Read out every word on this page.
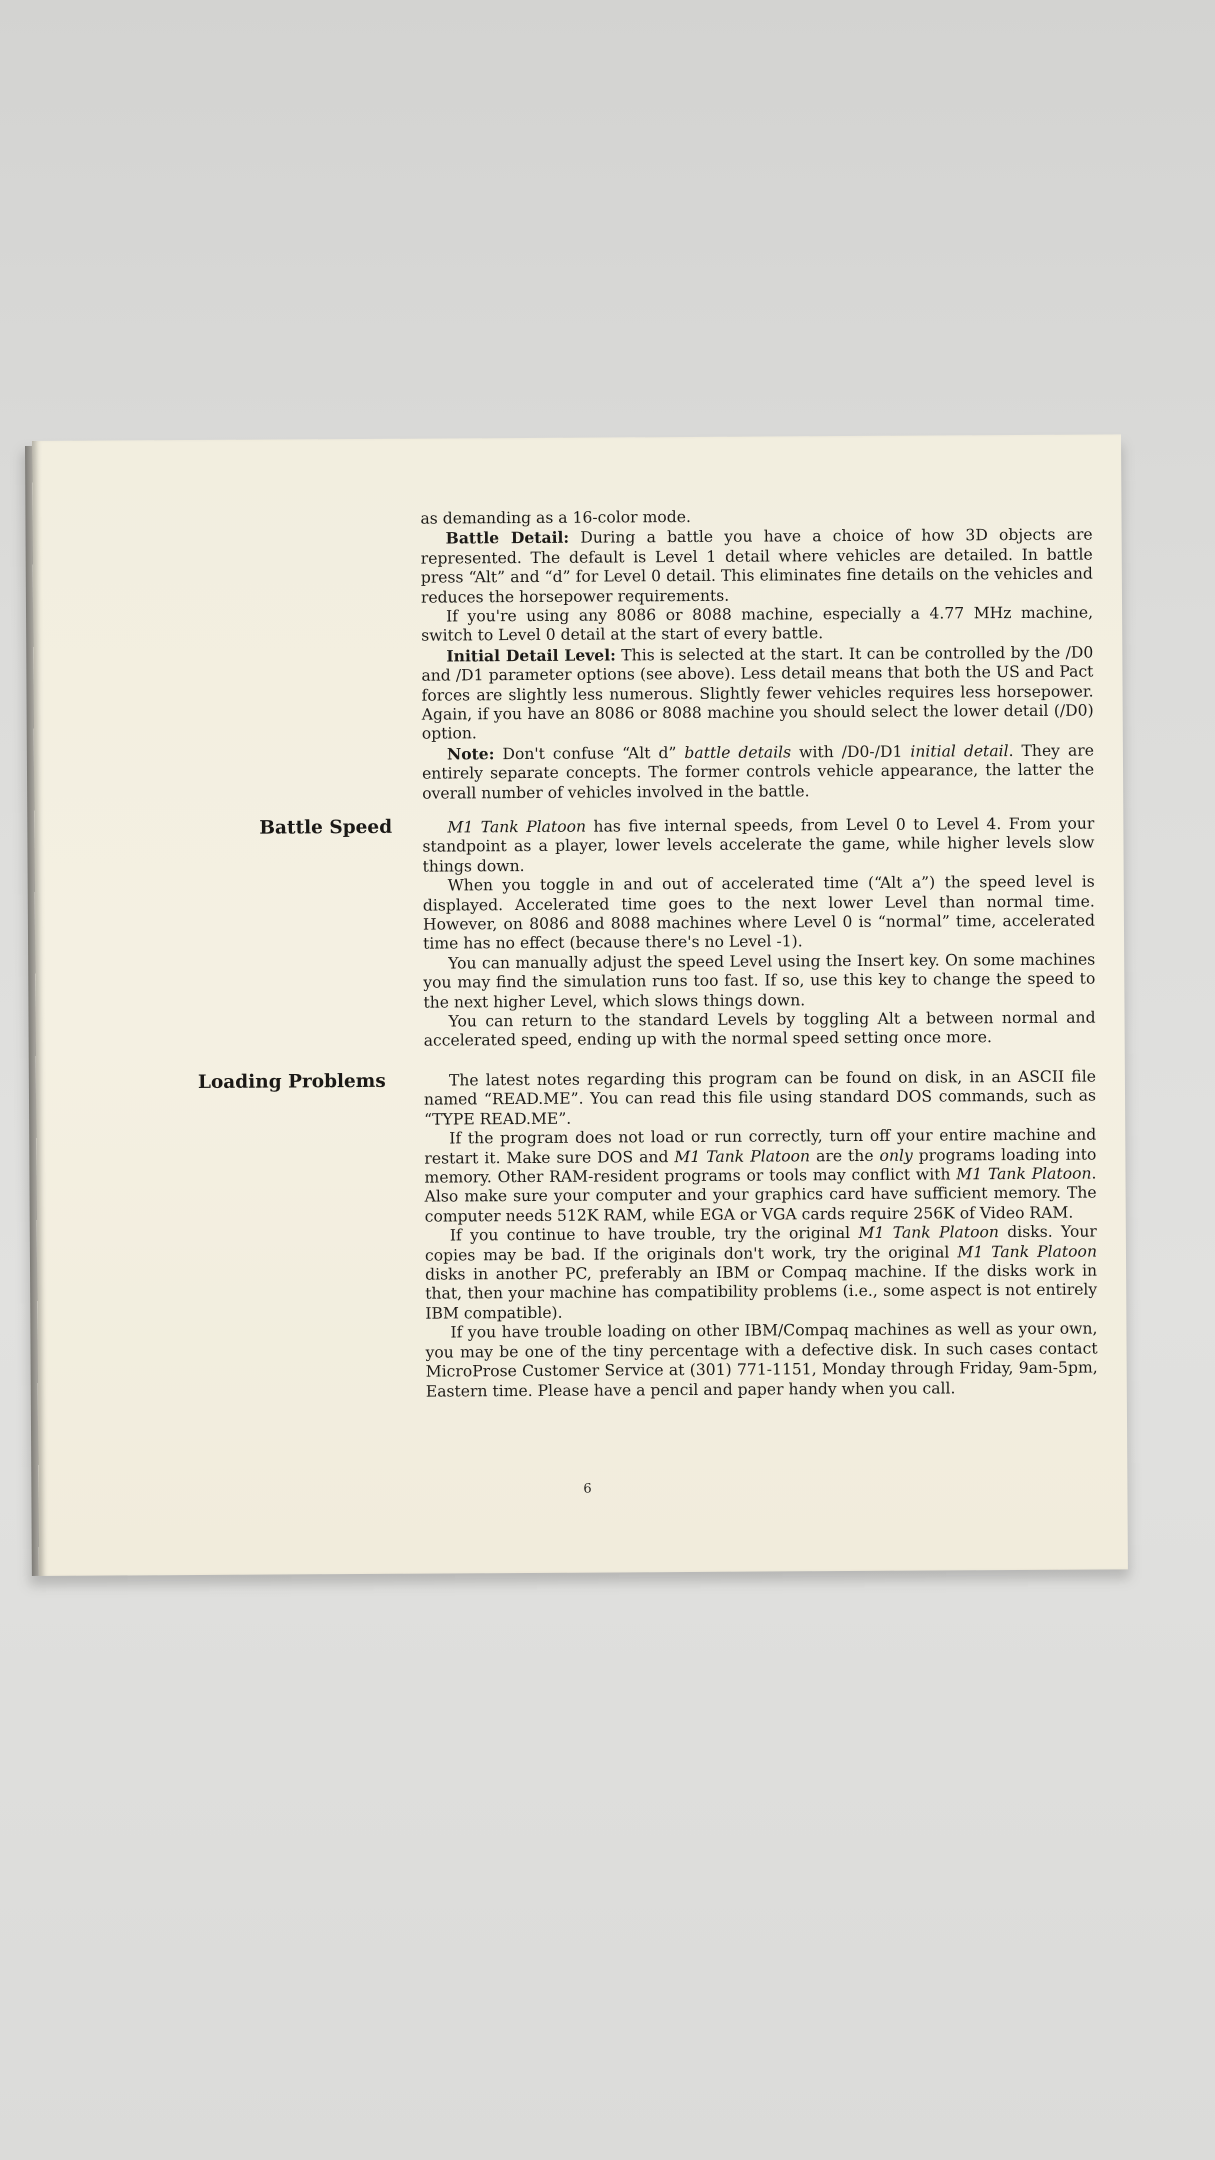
as demanding as a 16-color mode.

Battle Detail: During a battle you have a choice of how 3D objects are represented. The default is Level 1 detail where vehicles are detailed. In battle press “Alt” and “d” for Level 0 detail. This eliminates fine details on the vehicles and reduces the horsepower requirements.

If you're using any 8086 or 8088 machine, especially a 4.77 MHz machine, switch to Level 0 detail at the start of every battle.

Initial Detail Level: This is selected at the start. It can be controlled by the /D0 and /D1 parameter options (see above). Less detail means that both the US and Pact forces are slightly less numerous. Slightly fewer vehicles requires less horsepower. Again, if you have an 8086 or 8088 machine you should select the lower detail (/D0) option.

Note: Don't confuse “Alt d” battle details with /D0-/D1 initial detail. They are entirely separate concepts. The former controls vehicle appearance, the latter the overall number of vehicles involved in the battle.

Battle Speed	M1 Tank Platoon has five internal speeds, from Level 0 to Level 4. From your standpoint as a player, lower levels accelerate the game, while higher levels slow things down.

When you toggle in and out of accelerated time (“Alt a”) the speed level is displayed. Accelerated time goes to the next lower Level than normal time. However, on 8086 and 8088 machines where Level 0 is “normal” time, accelerated time has no effect (because there's no Level -1).

You can manually adjust the speed Level using the Insert key. On some machines you may find the simulation runs too fast. If so, use this key to change the speed to the next higher Level, which slows things down.

You can return to the standard Levels by toggling Alt a between normal and accelerated speed, ending up with the normal speed setting once more.

Loading Problems	The latest notes regarding this program can be found on disk, in an ASCII file named “READ.ME”. You can read this file using standard DOS commands, such as “TYPE READ.ME”.

If the program does not load or run correctly, turn off your entire machine and restart it. Make sure DOS and M1 Tank Platoon are the only programs loading into memory. Other RAM-resident programs or tools may conflict with M1 Tank Platoon. Also make sure your computer and your graphics card have sufficient memory. The computer needs 512K RAM, while EGA or VGA cards require 256K of Video RAM.

If you continue to have trouble, try the original M1 Tank Platoon disks. Your copies may be bad. If the originals don't work, try the original M1 Tank Platoon disks in another PC, preferably an IBM or Compaq machine. If the disks work in that, then your machine has compatibility problems (i.e., some aspect is not entirely IBM compatible).

If you have trouble loading on other IBM/Compaq machines as well as your own, you may be one of the tiny percentage with a defective disk. In such cases contact MicroProse Customer Service at (301) 771-1151, Monday through Friday, 9am-5pm, Eastern time. Please have a pencil and paper handy when you call.

6
